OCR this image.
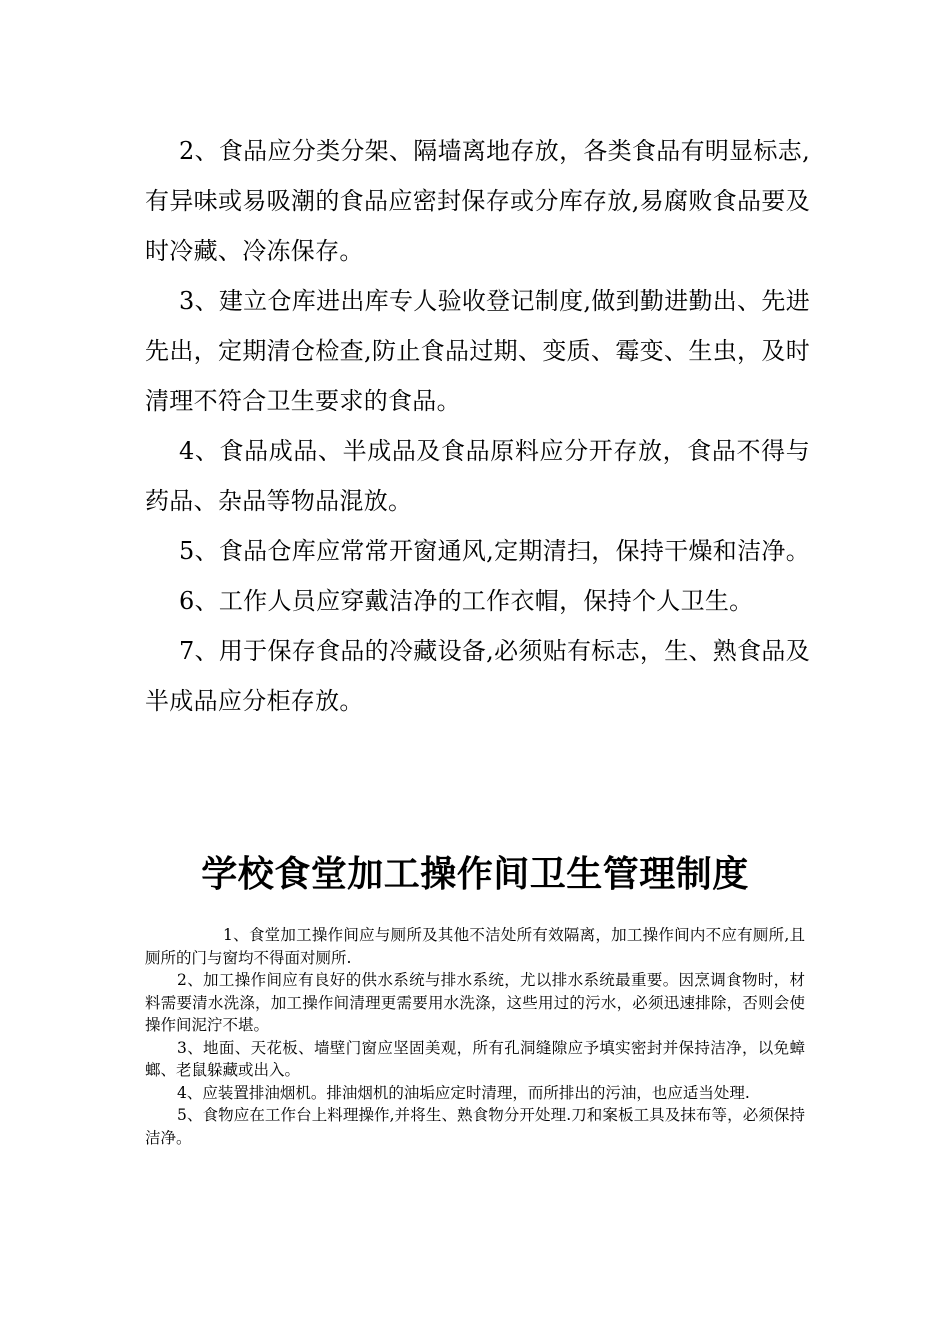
2、食品应分类分架、隔墙离地存放，各类食品有明显标志,有异味或易吸潮的食品应密封保存或分库存放,易腐败食品要及时冷藏、冷冻保存。

3、建立仓库进出库专人验收登记制度,做到勤进勤出、先进先出，定期清仓检查,防止食品过期、变质、霉变、生虫，及时清理不符合卫生要求的食品。

4、食品成品、半成品及食品原料应分开存放，食品不得与药品、杂品等物品混放。

5、食品仓库应常常开窗通风,定期清扫，保持干燥和洁净。

6、工作人员应穿戴洁净的工作衣帽，保持个人卫生。

7、用于保存食品的冷藏设备,必须贴有标志，生、熟食品及半成品应分柜存放。

学校食堂加工操作间卫生管理制度

1、食堂加工操作间应与厕所及其他不洁处所有效隔离，加工操作间内不应有厕所,且厕所的门与窗均不得面对厕所.

2、加工操作间应有良好的供水系统与排水系统，尤以排水系统最重要。因烹调食物时，材料需要清水洗涤，加工操作间清理更需要用水洗涤，这些用过的污水，必须迅速排除，否则会使操作间泥泞不堪。

3、地面、天花板、墙壁门窗应坚固美观，所有孔洞缝隙应予填实密封并保持洁净，以免蟑螂、老鼠躲藏或出入。

4、应装置排油烟机。排油烟机的油垢应定时清理，而所排出的污油，也应适当处理.

5、食物应在工作台上料理操作,并将生、熟食物分开处理.刀和案板工具及抹布等，必须保持洁净。
